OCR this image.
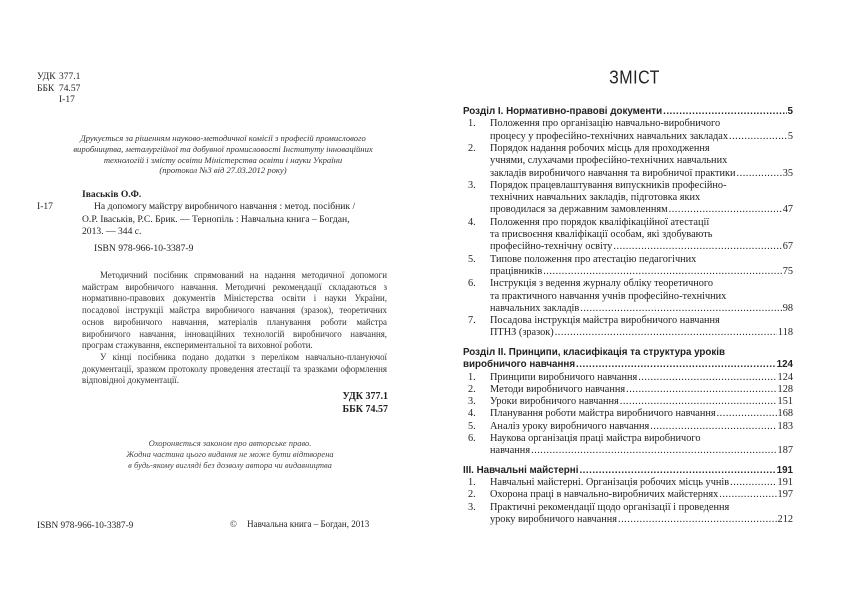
УДК 377.1
ББК 74.57
І-17
Друкується за рішенням науково-методичної комісії з професій промислового
виробництва, металургійної та добувної промисловості Інституту інноваційних
технологій і змісту освіти Міністерства освіти і науки України
(протокол №3 від 27.03.2012 року)
Іваськів О.Ф.
І-17	На допомогу майстру виробничого навчання : метод. посібник /
О.Р. Іваськів, Р.С. Брик. — Тернопіль : Навчальна книга – Богдан,
2013. — 344 с.
ISBN 978-966-10-3387-9

Методичний посібник спрямований на надання методичної допомоги майстрам виробничого навчання. Методичні рекомендації складаються з нормативно-правових документів Міністерства освіти і науки України, посадової інструкції майстра виробничого навчання (зразок), теоретичних основ виробничого навчання, матеріалів планування роботи майстра виробничого навчання, інноваційних технологій виробничого навчання, програм стажування, експериментальної та виховної роботи.

У кінці посібника подано додатки з переліком навчально-плануючої документації, зразком протоколу проведення атестації та зразками оформлення відповідної документації.

УДК 377.1
ББК 74.57
Охороняється законом про авторське право.
Жодна частина цього видання не може бути відтворена
в будь-якому вигляді без дозволу автора чи видавництва
ISBN 978-966-10-3387-9	© Навчальна книга – Богдан, 2013
ЗМІСТ
Розділ І. Нормативно-правові документи .....	5
1.	Положення про організацію навчально-виробничого
процесу у професійно-технічних навчальних закладах .....	5
2.	Порядок надання робочих місць для проходження
учнями, слухачами професійно-технічних навчальних
закладів виробничого навчання та виробничої практики .....	35
3.	Порядок працевлаштування випускників професійно-
технічних навчальних закладів, підготовка яких
проводилася за державним замовленням .....	47
4.	Положення про порядок кваліфікаційної атестації
та присвоєння кваліфікації особам, які здобувають
професійно-технічну освіту .....	67
5.	Типове положення про атестацію педагогічних
працівників .....	75
6.	Інструкція з ведення журналу обліку теоретичного
та практичного навчання учнів професійно-технічних
навчальних закладів .....	98
7.	Посадова інструкція майстра виробничого навчання
ПТНЗ (зразок) .....	118
Розділ ІІ. Принципи, класифікація та структура уроків
виробничого навчання .....	124
1.	Принципи виробничого навчання .....	124
2.	Методи виробничого навчання .....	128
3.	Уроки виробничого навчання .....	151
4.	Планування роботи майстра виробничого навчання .....	168
5.	Аналіз уроку виробничого навчання .....	183
6.	Наукова організація праці майстра виробничого
навчання .....	187
ІІІ. Навчальні майстерні .....	191
1.	Навчальні майстерні. Організація робочих місць учнів .....	191
2.	Охорона праці в навчально-виробничих майстернях .....	197
3.	Практичні рекомендації щодо організації і проведення
уроку виробничого навчання .....	212
